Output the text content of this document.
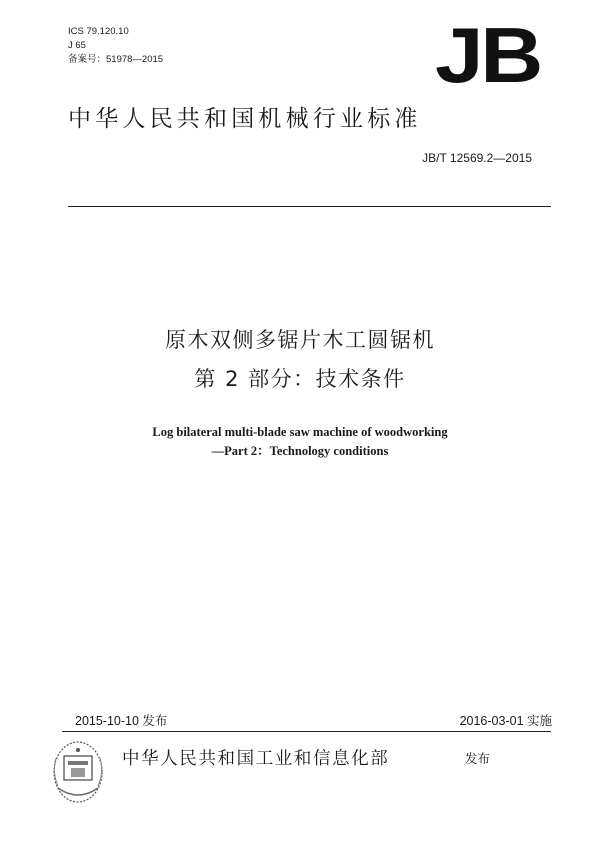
ICS 79.120.10
J 65
备案号：51978—2015	JB
中华人民共和国机械行业标准
JB/T 12569.2—2015
原木双侧多锯片木工圆锯机
第 2 部分：技术条件
Log bilateral multi-blade saw machine of woodworking
—Part 2：Technology conditions
2015-10-10 发布	2016-03-01 实施
中华人民共和国工业和信息化部	发布
